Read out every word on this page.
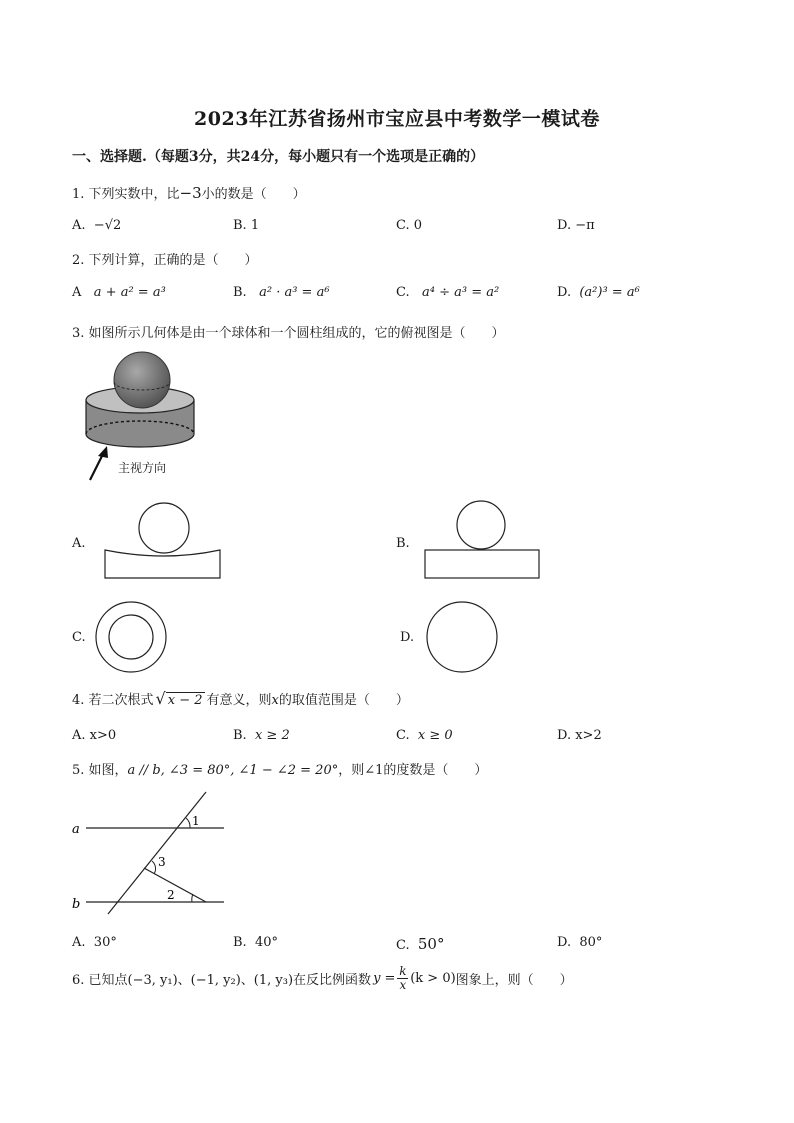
2023年江苏省扬州市宝应县中考数学一模试卷
一、选择题.（每题3分，共24分，每小题只有一个选项是正确的）
1. 下列实数中，比−3小的数是（　　）
A. −√2	B. 1	C. 0	D. −π
2. 下列计算，正确的是（　　）
A a + a² = a³	B. a² · a³ = a⁶	C. a⁴ ÷ a³ = a²	D. (a²)³ = a⁶
3. 如图所示几何体是由一个球体和一个圆柱组成的，它的俯视图是（　　）
主视方向
A.	B.
C.	D.
4. 若二次根式 √ x − 2 有意义，则x的取值范围是（　　）
A. x>0	B. x ≥ 2	C. x ≥ 0	D. x>2
5. 如图，a // b, ∠3 = 80°, ∠1 − ∠2 = 20°，则∠1的度数是（　　）
a
b
1
3
2
A. 30°	B. 40°	C. 50°	D. 80°
6. 已知点 (−3, y₁)、(−1, y₂)、(1, y₃) 在反比例函数 $y = \frac{k}{x} (k > 0)$ 图象上，则（　　）
